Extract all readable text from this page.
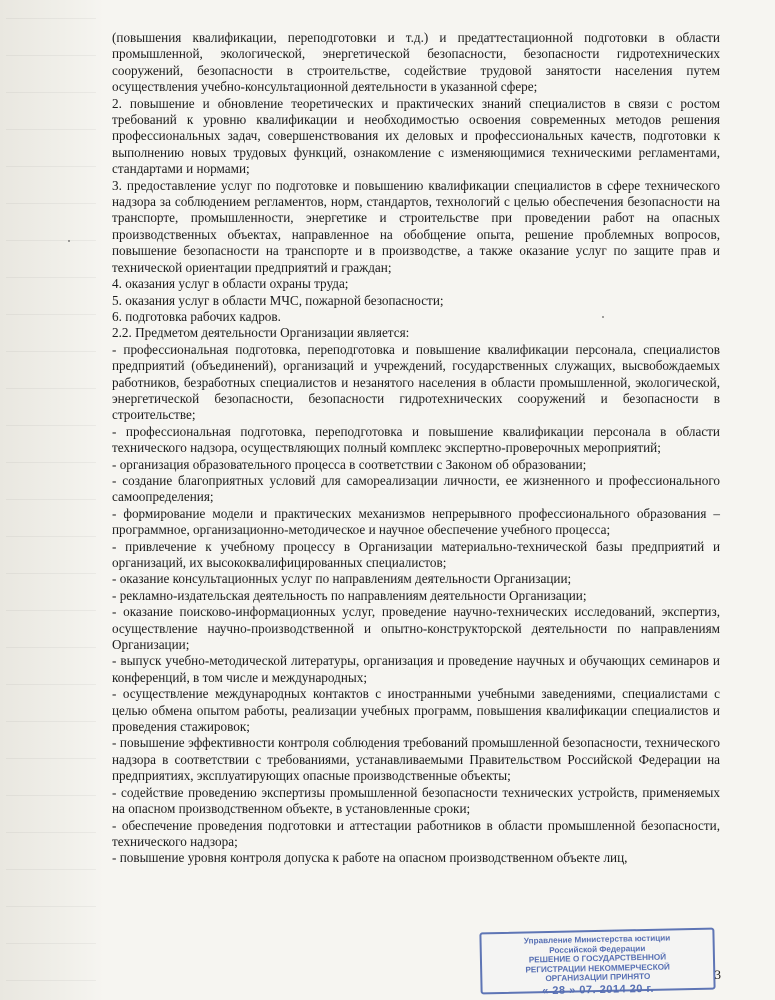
(повышения квалификации, переподготовки и т.д.) и предаттестационной подготовки в области промышленной, экологической, энергетической безопасности, безопасности гидротехнических сооружений, безопасности в строительстве, содействие трудовой занятости населения путем осуществления учебно-консультационной деятельности в указанной сфере;

2. повышение и обновление теоретических и практических знаний специалистов в связи с ростом требований к уровню квалификации и необходимостью освоения современных методов решения профессиональных задач, совершенствования их деловых и профессиональных качеств, подготовки к выполнению новых трудовых функций, ознакомление с изменяющимися техническими регламентами, стандартами и нормами;

3. предоставление услуг по подготовке и повышению квалификации специалистов в сфере технического надзора за соблюдением регламентов, норм, стандартов, технологий с целью обеспечения безопасности на транспорте, промышленности, энергетике и строительстве при проведении работ на опасных производственных объектах, направленное на обобщение опыта, решение проблемных вопросов, повышение безопасности на транспорте и в производстве, а также оказание услуг по защите прав и технической ориентации предприятий и граждан;

4. оказания услуг в области охраны труда;

5. оказания услуг в области МЧС, пожарной безопасности;

6. подготовка рабочих кадров.

2.2. Предметом деятельности Организации является:

- профессиональная подготовка, переподготовка и повышение квалификации персонала, специалистов предприятий (объединений), организаций и учреждений, государственных служащих, высвобождаемых работников, безработных специалистов и незанятого населения в области промышленной, экологической, энергетической безопасности, безопасности гидротехнических сооружений и безопасности в строительстве;

- профессиональная подготовка, переподготовка и повышение квалификации персонала в области технического надзора, осуществляющих полный комплекс экспертно-проверочных мероприятий;

- организация образовательного процесса в соответствии с Законом об образовании;

- создание благоприятных условий для самореализации личности, ее жизненного и профессионального самоопределения;

- формирование модели и практических механизмов непрерывного профессионального образования – программное, организационно-методическое и научное обеспечение учебного процесса;

- привлечение к учебному процессу в Организации материально-технической базы предприятий и организаций, их высококвалифицированных специалистов;

- оказание консультационных услуг по направлениям деятельности Организации;

- рекламно-издательская деятельность по направлениям деятельности Организации;

- оказание поисково-информационных услуг, проведение научно-технических исследований, экспертиз, осуществление научно-производственной и опытно-конструкторской деятельности по направлениям Организации;

- выпуск учебно-методической литературы, организация и проведение научных и обучающих семинаров и конференций, в том числе и международных;

- осуществление международных контактов с иностранными учебными заведениями, специалистами с целью обмена опытом работы, реализации учебных программ, повышения квалификации специалистов и проведения стажировок;

- повышение эффективности контроля соблюдения требований промышленной безопасности, технического надзора в соответствии с требованиями, устанавливаемыми Правительством Российской Федерации на предприятиях, эксплуатирующих опасные производственные объекты;

- содействие проведению экспертизы промышленной безопасности технических устройств, применяемых на опасном производственном объекте, в установленные сроки;

- обеспечение проведения подготовки и аттестации работников в области промышленной безопасности, технического надзора;

- повышение уровня контроля допуска к работе на опасном производственном объекте лиц,

Управление Министерства юстиции
Российской Федерации
РЕШЕНИЕ О ГОСУДАРСТВЕННОЙ
РЕГИСТРАЦИИ НЕКОММЕРЧЕСКОЙ
ОРГАНИЗАЦИИ ПРИНЯТО
« 28 » 07. 2014 20 г.
3
